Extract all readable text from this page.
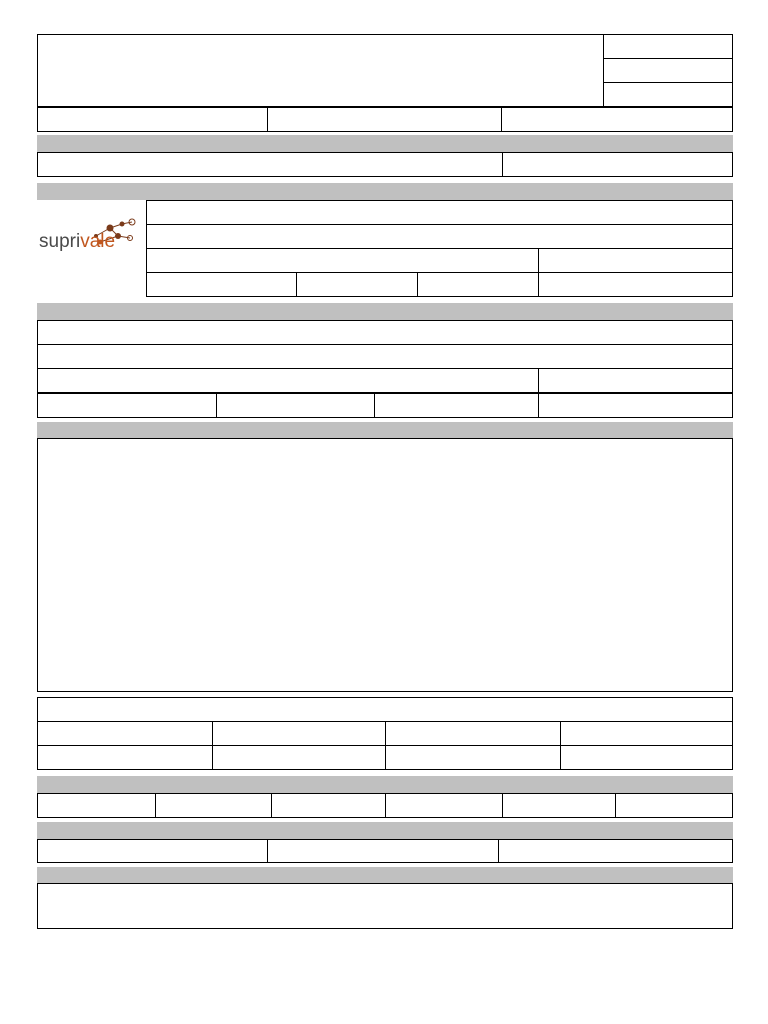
suprivale
